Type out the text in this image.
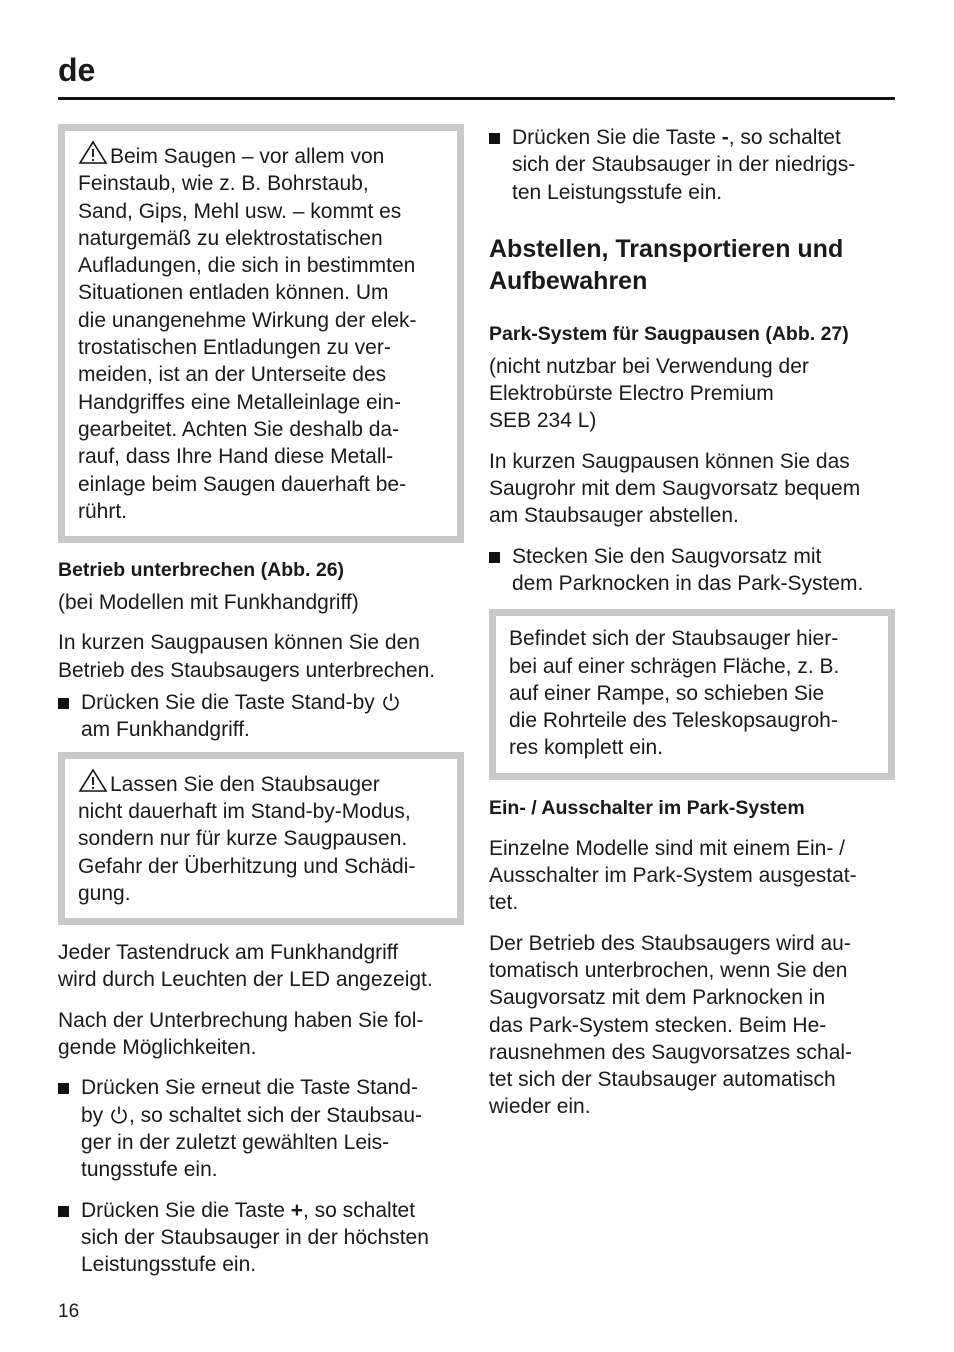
de
Beim Saugen – vor allem von
Feinstaub, wie z. B. Bohrstaub,
Sand, Gips, Mehl usw. – kommt es
naturgemäß zu elektrostatischen
Aufladungen, die sich in bestimmten
Situationen entladen können. Um
die unangenehme Wirkung der elek-
trostatischen Entladungen zu ver-
meiden, ist an der Unterseite des
Handgriffes eine Metalleinlage ein-
gearbeitet. Achten Sie deshalb da-
rauf, dass Ihre Hand diese Metall-
einlage beim Saugen dauerhaft be-
rührt.
Betrieb unterbrechen (Abb. 26)
(bei Modellen mit Funkhandgriff)
In kurzen Saugpausen können Sie den
Betrieb des Staubsaugers unterbrechen.
Drücken Sie die Taste Stand-by
am Funkhandgriff.
Lassen Sie den Staubsauger
nicht dauerhaft im Stand-by-Modus,
sondern nur für kurze Saugpausen.
Gefahr der Überhitzung und Schädi-
gung.
Jeder Tastendruck am Funkhandgriff
wird durch Leuchten der LED angezeigt.
Nach der Unterbrechung haben Sie fol-
gende Möglichkeiten.
Drücken Sie erneut die Taste Stand-
by , so schaltet sich der Staubsau-
ger in der zuletzt gewählten Leis-
tungsstufe ein.
Drücken Sie die Taste +, so schaltet
sich der Staubsauger in der höchsten
Leistungsstufe ein.
Drücken Sie die Taste -, so schaltet
sich der Staubsauger in der niedrigs-
ten Leistungsstufe ein.
Abstellen, Transportieren und
Aufbewahren
Park-System für Saugpausen (Abb. 27)
(nicht nutzbar bei Verwendung der
Elektrobürste Electro Premium
SEB 234 L)
In kurzen Saugpausen können Sie das
Saugrohr mit dem Saugvorsatz bequem
am Staubsauger abstellen.
Stecken Sie den Saugvorsatz mit
dem Parknocken in das Park-System.
Befindet sich der Staubsauger hier-
bei auf einer schrägen Fläche, z. B.
auf einer Rampe, so schieben Sie
die Rohrteile des Teleskopsaugroh-
res komplett ein.
Ein- / Ausschalter im Park-System
Einzelne Modelle sind mit einem Ein- /
Ausschalter im Park-System ausgestat-
tet.
Der Betrieb des Staubsaugers wird au-
tomatisch unterbrochen, wenn Sie den
Saugvorsatz mit dem Parknocken in
das Park-System stecken. Beim He-
rausnehmen des Saugvorsatzes schal-
tet sich der Staubsauger automatisch
wieder ein.
16
